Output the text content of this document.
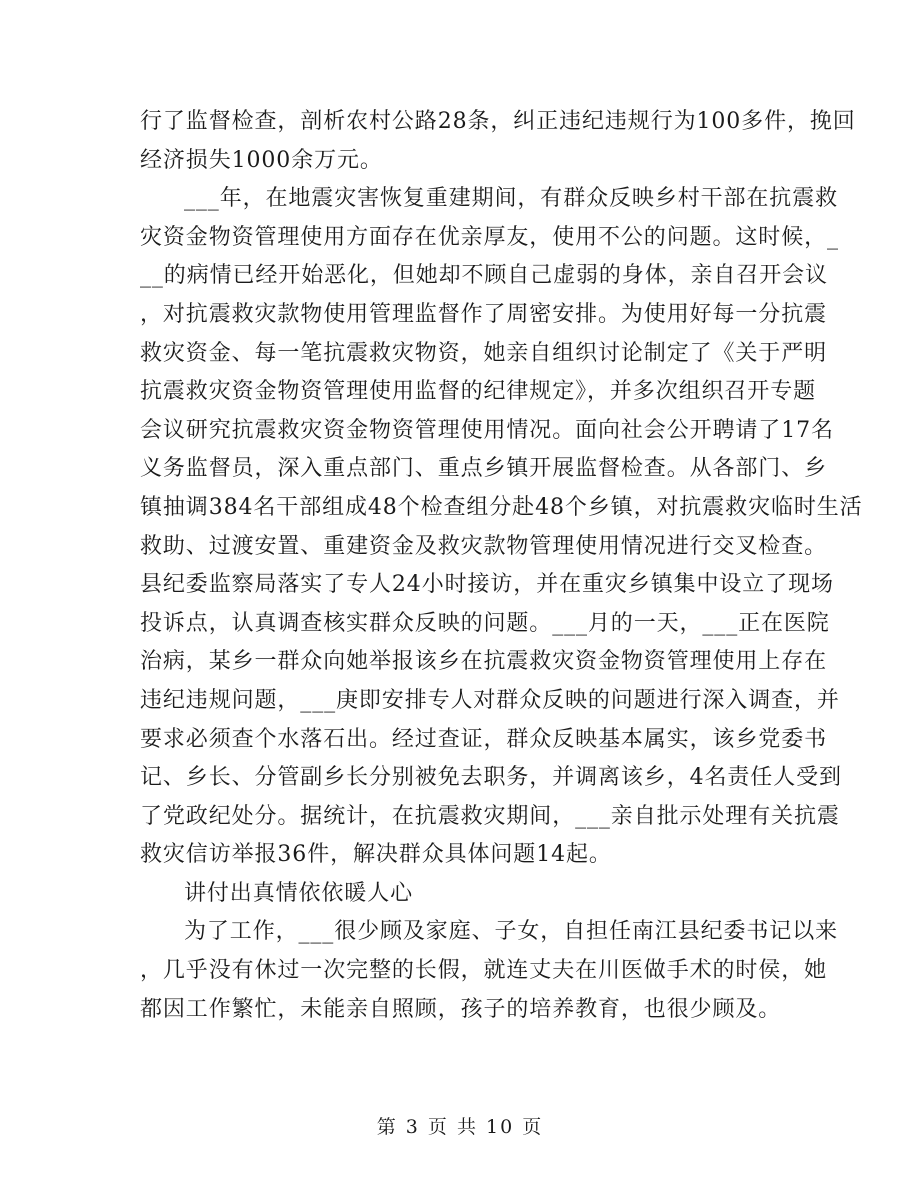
行了监督检查，剖析农村公路28条，纠正违纪违规行为100多件，挽回
经济损失1000余万元。
___年，在地震灾害恢复重建期间，有群众反映乡村干部在抗震救
灾资金物资管理使用方面存在优亲厚友，使用不公的问题。这时候，_
__的病情已经开始恶化，但她却不顾自己虚弱的身体，亲自召开会议
，对抗震救灾款物使用管理监督作了周密安排。为使用好每一分抗震
救灾资金、每一笔抗震救灾物资，她亲自组织讨论制定了《关于严明
抗震救灾资金物资管理使用监督的纪律规定》，并多次组织召开专题
会议研究抗震救灾资金物资管理使用情况。面向社会公开聘请了17名
义务监督员，深入重点部门、重点乡镇开展监督检查。从各部门、乡
镇抽调384名干部组成48个检查组分赴48个乡镇，对抗震救灾临时生活
救助、过渡安置、重建资金及救灾款物管理使用情况进行交叉检查。
县纪委监察局落实了专人24小时接访，并在重灾乡镇集中设立了现场
投诉点，认真调查核实群众反映的问题。___月的一天，___正在医院
治病，某乡一群众向她举报该乡在抗震救灾资金物资管理使用上存在
违纪违规问题，___庚即安排专人对群众反映的问题进行深入调查，并
要求必须查个水落石出。经过查证，群众反映基本属实，该乡党委书
记、乡长、分管副乡长分别被免去职务，并调离该乡，4名责任人受到
了党政纪处分。据统计，在抗震救灾期间，___亲自批示处理有关抗震
救灾信访举报36件，解决群众具体问题14起。
讲付出真情依依暖人心
为了工作，___很少顾及家庭、子女，自担任南江县纪委书记以来
，几乎没有休过一次完整的长假，就连丈夫在川医做手术的时侯，她
都因工作繁忙，未能亲自照顾，孩子的培养教育，也很少顾及。
第 3 页 共 10 页
